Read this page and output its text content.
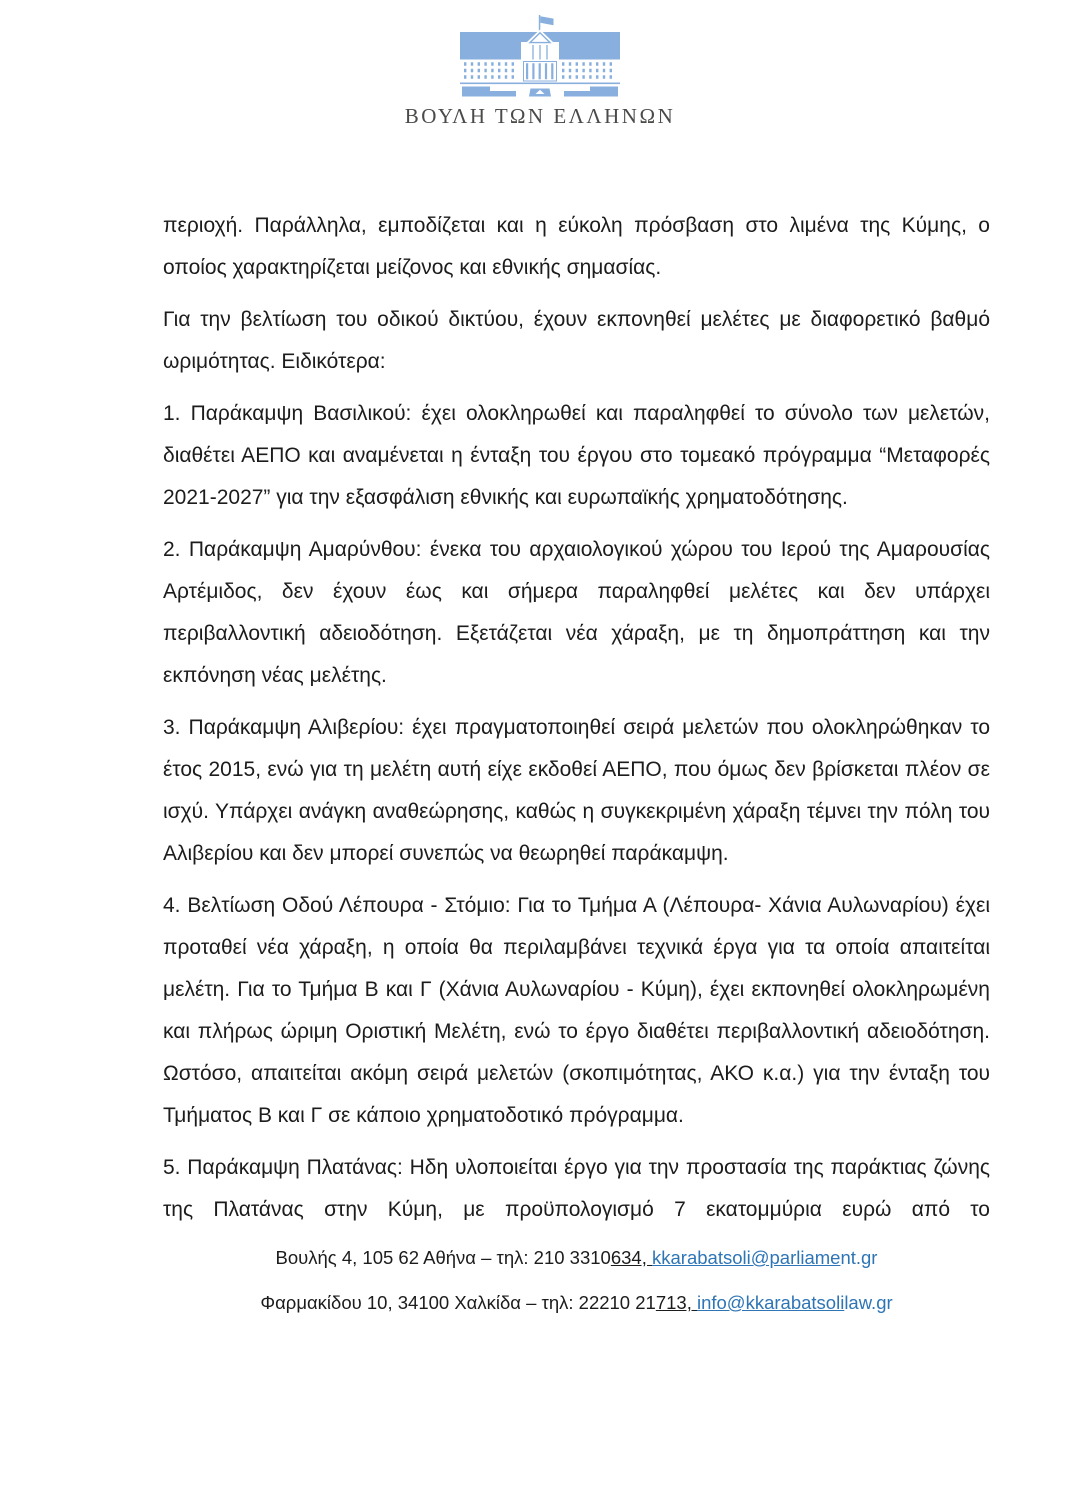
ΒΟΥΛΗ ΤΩΝ ΕΛΛΗΝΩΝ

περιοχή. Παράλληλα, εμποδίζεται και η εύκολη πρόσβαση στο λιμένα της Κύμης, ο οποίος χαρακτηρίζεται μείζονος και εθνικής σημασίας.

Για την βελτίωση του οδικού δικτύου, έχουν εκπονηθεί μελέτες με διαφορετικό βαθμό ωριμότητας. Ειδικότερα:

1. Παράκαμψη Βασιλικού: έχει ολοκληρωθεί και παραληφθεί το σύνολο των μελετών, διαθέτει ΑΕΠΟ και αναμένεται η ένταξη του έργου στο τομεακό πρόγραμμα “Μεταφορές 2021-2027” για την εξασφάλιση εθνικής και ευρωπαϊκής χρηματοδότησης.

2. Παράκαμψη Αμαρύνθου: ένεκα του αρχαιολογικού χώρου του Ιερού της Αμαρουσίας Αρτέμιδος, δεν έχουν έως και σήμερα παραληφθεί μελέτες και δεν υπάρχει περιβαλλοντική αδειοδότηση. Εξετάζεται νέα χάραξη, με τη δημοπράττηση και την εκπόνηση νέας μελέτης.

3. Παράκαμψη Αλιβερίου: έχει πραγματοποιηθεί σειρά μελετών που ολοκληρώθηκαν το έτος 2015, ενώ για τη μελέτη αυτή είχε εκδοθεί ΑΕΠΟ, που όμως δεν βρίσκεται πλέον σε ισχύ. Υπάρχει ανάγκη αναθεώρησης, καθώς η συγκεκριμένη χάραξη τέμνει την πόλη του Αλιβερίου και δεν μπορεί συνεπώς να θεωρηθεί παράκαμψη.

4. Βελτίωση Οδού Λέπουρα - Στόμιο: Για το Τμήμα Α (Λέπουρα- Χάνια Αυλωναρίου) έχει προταθεί νέα χάραξη, η οποία θα περιλαμβάνει τεχνικά έργα για τα οποία απαιτείται μελέτη. Για το Τμήμα Β και Γ (Χάνια Αυλωναρίου - Κύμη), έχει εκπονηθεί ολοκληρωμένη και πλήρως ώριμη Οριστική Μελέτη, ενώ το έργο διαθέτει περιβαλλοντική αδειοδότηση. Ωστόσο, απαιτείται ακόμη σειρά μελετών (σκοπιμότητας, ΑΚΟ κ.α.) για την ένταξη του Τμήματος Β και Γ σε κάποιο χρηματοδοτικό πρόγραμμα.

5. Παράκαμψη Πλατάνας: Ηδη υλοποιείται έργο για την προστασία της παράκτιας ζώνης της Πλατάνας στην Κύμη, με προϋπολογισμό 7 εκατομμύρια ευρώ από το

Βουλής 4, 105 62 Αθήνα – τηλ: 210 3310634, kkarabatsoli@parliament.gr
Φαρμακίδου 10, 34100 Χαλκίδα – τηλ: 22210 21713, info@kkarabatsolilaw.gr
